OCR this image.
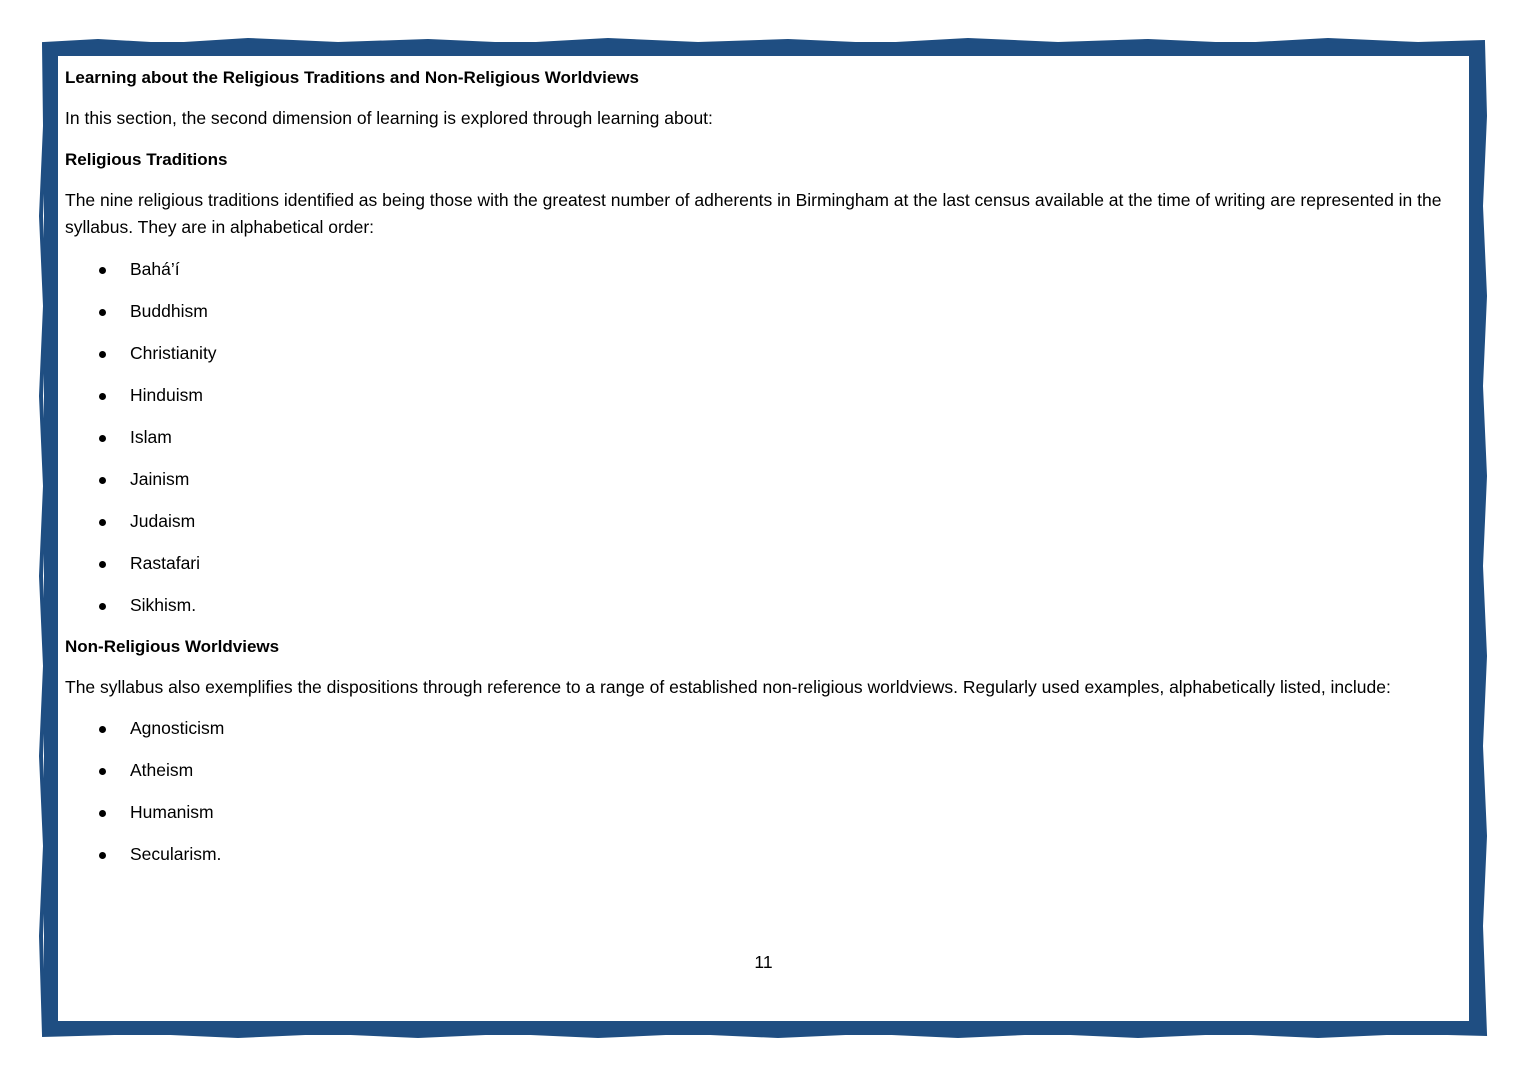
Learning about the Religious Traditions and Non-Religious Worldviews

In this section, the second dimension of learning is explored through learning about:

Religious Traditions

The nine religious traditions identified as being those with the greatest number of adherents in Birmingham at the last census available at the time of writing are represented in the syllabus. They are in alphabetical order:

Bahá’í
Buddhism
Christianity
Hinduism
Islam
Jainism
Judaism
Rastafari
Sikhism.

Non-Religious Worldviews

The syllabus also exemplifies the dispositions through reference to a range of established non-religious worldviews. Regularly used examples, alphabetically listed, include:

Agnosticism
Atheism
Humanism
Secularism.
11
